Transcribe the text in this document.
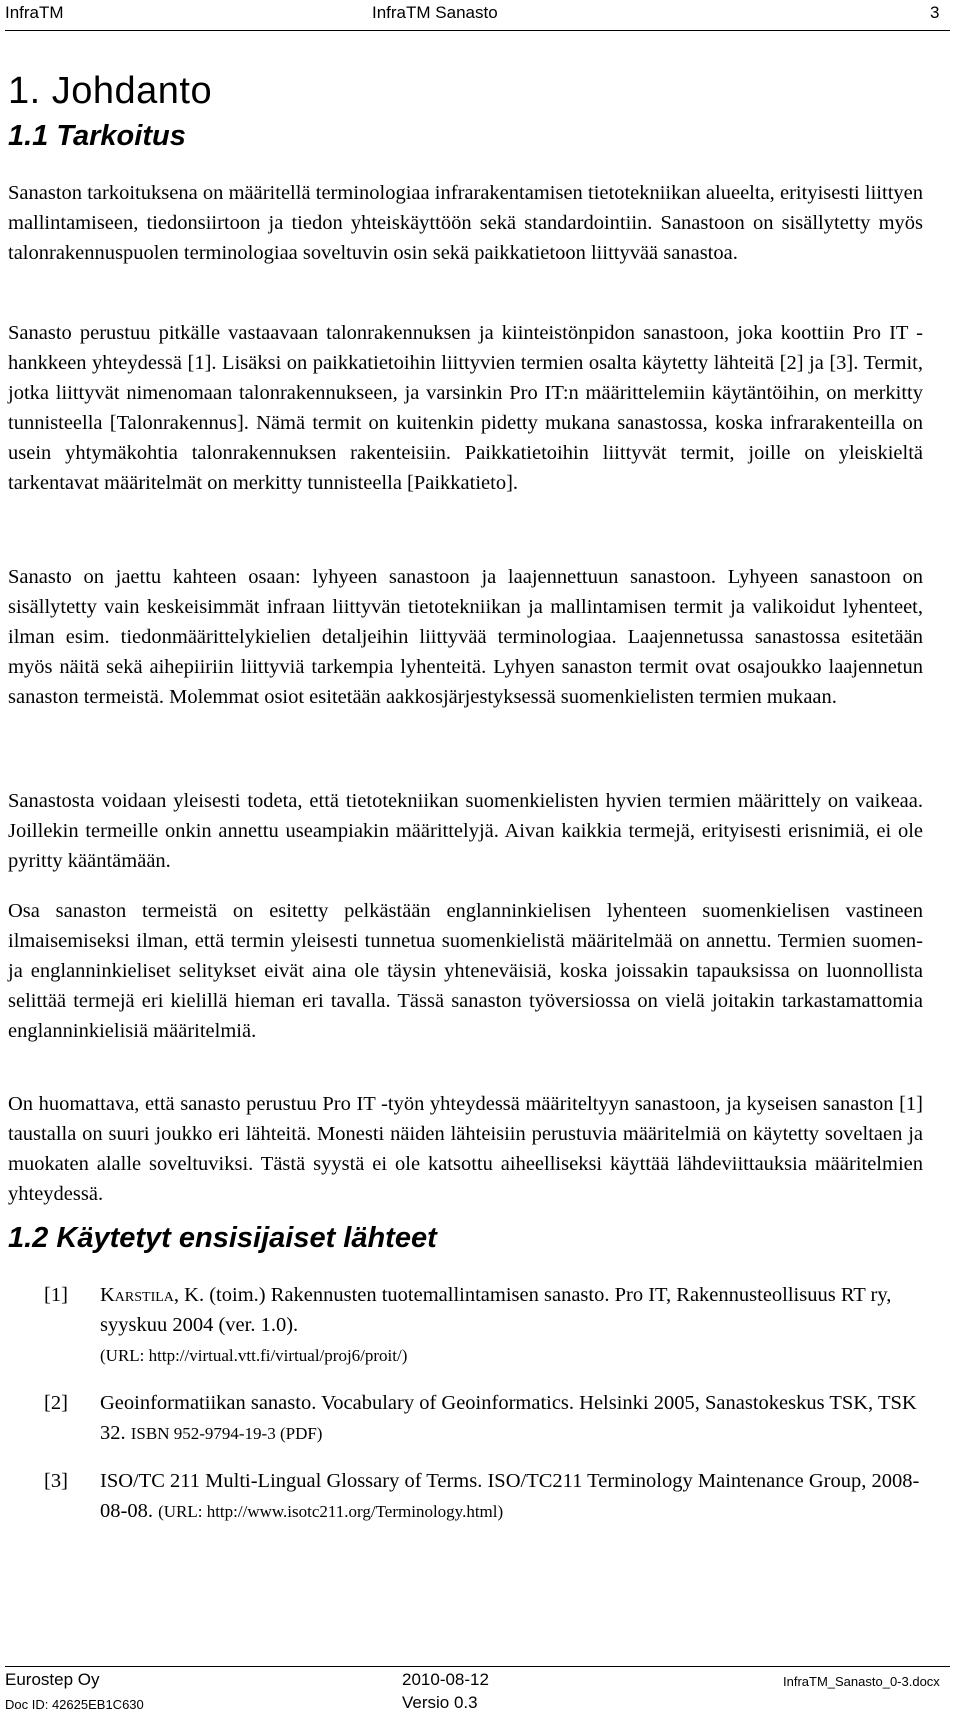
InfraTM	InfraTM Sanasto	3
1. Johdanto
1.1 Tarkoitus

Sanaston tarkoituksena on määritellä terminologiaa infrarakentamisen tietotekniikan alueelta, erityisesti liittyen mallintamiseen, tiedonsiirtoon ja tiedon yhteiskäyttöön sekä standardointiin. Sanastoon on sisällytetty myös talonrakennuspuolen terminologiaa soveltuvin osin sekä paikkatietoon liittyvää sanastoa.

Sanasto perustuu pitkälle vastaavaan talonrakennuksen ja kiinteistönpidon sanastoon, joka koottiin Pro IT -hankkeen yhteydessä [1]. Lisäksi on paikkatietoihin liittyvien termien osalta käytetty lähteitä [2] ja [3]. Termit, jotka liittyvät nimenomaan talonrakennukseen, ja varsinkin Pro IT:n määrittelemiin käytäntöihin, on merkitty tunnisteella [Talonrakennus]. Nämä termit on kuitenkin pidetty mukana sanastossa, koska infrarakenteilla on usein yhtymäkohtia talonrakennuksen rakenteisiin. Paikkatietoihin liittyvät termit, joille on yleiskieltä tarkentavat määritelmät on merkitty tunnisteella [Paikkatieto].

Sanasto on jaettu kahteen osaan: lyhyeen sanastoon ja laajennettuun sanastoon. Lyhyeen sanastoon on sisällytetty vain keskeisimmät infraan liittyvän tietotekniikan ja mallintamisen termit ja valikoidut lyhenteet, ilman esim. tiedonmäärittelykielien detaljeihin liittyvää terminologiaa. Laajennetussa sanastossa esitetään myös näitä sekä aihepiiriin liittyviä tarkempia lyhenteitä. Lyhyen sanaston termit ovat osajoukko laajennetun sanaston termeistä. Molemmat osiot esitetään aakkosjärjestyksessä suomenkielisten termien mukaan.

Sanastosta voidaan yleisesti todeta, että tietotekniikan suomenkielisten hyvien termien määrittely on vaikeaa. Joillekin termeille onkin annettu useampiakin määrittelyjä. Aivan kaikkia termejä, erityisesti erisnimiä, ei ole pyritty kääntämään.

Osa sanaston termeistä on esitetty pelkästään englanninkielisen lyhenteen suomenkielisen vastineen ilmaisemiseksi ilman, että termin yleisesti tunnetua suomenkielistä määritelmää on annettu. Termien suomen- ja englanninkieliset selitykset eivät aina ole täysin yhteneväisiä, koska joissakin tapauksissa on luonnollista selittää termejä eri kielillä hieman eri tavalla. Tässä sanaston työversiossa on vielä joitakin tarkastamattomia englanninkielisiä määritelmiä.

On huomattava, että sanasto perustuu Pro IT -työn yhteydessä määriteltyyn sanastoon, ja kyseisen sanaston [1] taustalla on suuri joukko eri lähteitä. Monesti näiden lähteisiin perustuvia määritelmiä on käytetty soveltaen ja muokaten alalle soveltuviksi. Tästä syystä ei ole katsottu aiheelliseksi käyttää lähdeviittauksia määritelmien yhteydessä.

1.2 Käytetyt ensisijaiset lähteet
[1] Karstila, K. (toim.) Rakennusten tuotemallintamisen sanasto. Pro IT, Rakennusteollisuus RT ry, syyskuu 2004 (ver. 1.0).
(URL: http://virtual.vtt.fi/virtual/proj6/proit/)
[2] Geoinformatiikan sanasto. Vocabulary of Geoinformatics. Helsinki 2005, Sanastokeskus TSK, TSK 32. ISBN 952-9794-19-3 (PDF)
[3] ISO/TC 211 Multi-Lingual Glossary of Terms. ISO/TC211 Terminology Maintenance Group, 2008-08-08. (URL: http://www.isotc211.org/Terminology.html)
Eurostep Oy	2010-08-12	InfraTM_Sanasto_0-3.docx
Doc ID: 42625EB1C630	Versio 0.3
